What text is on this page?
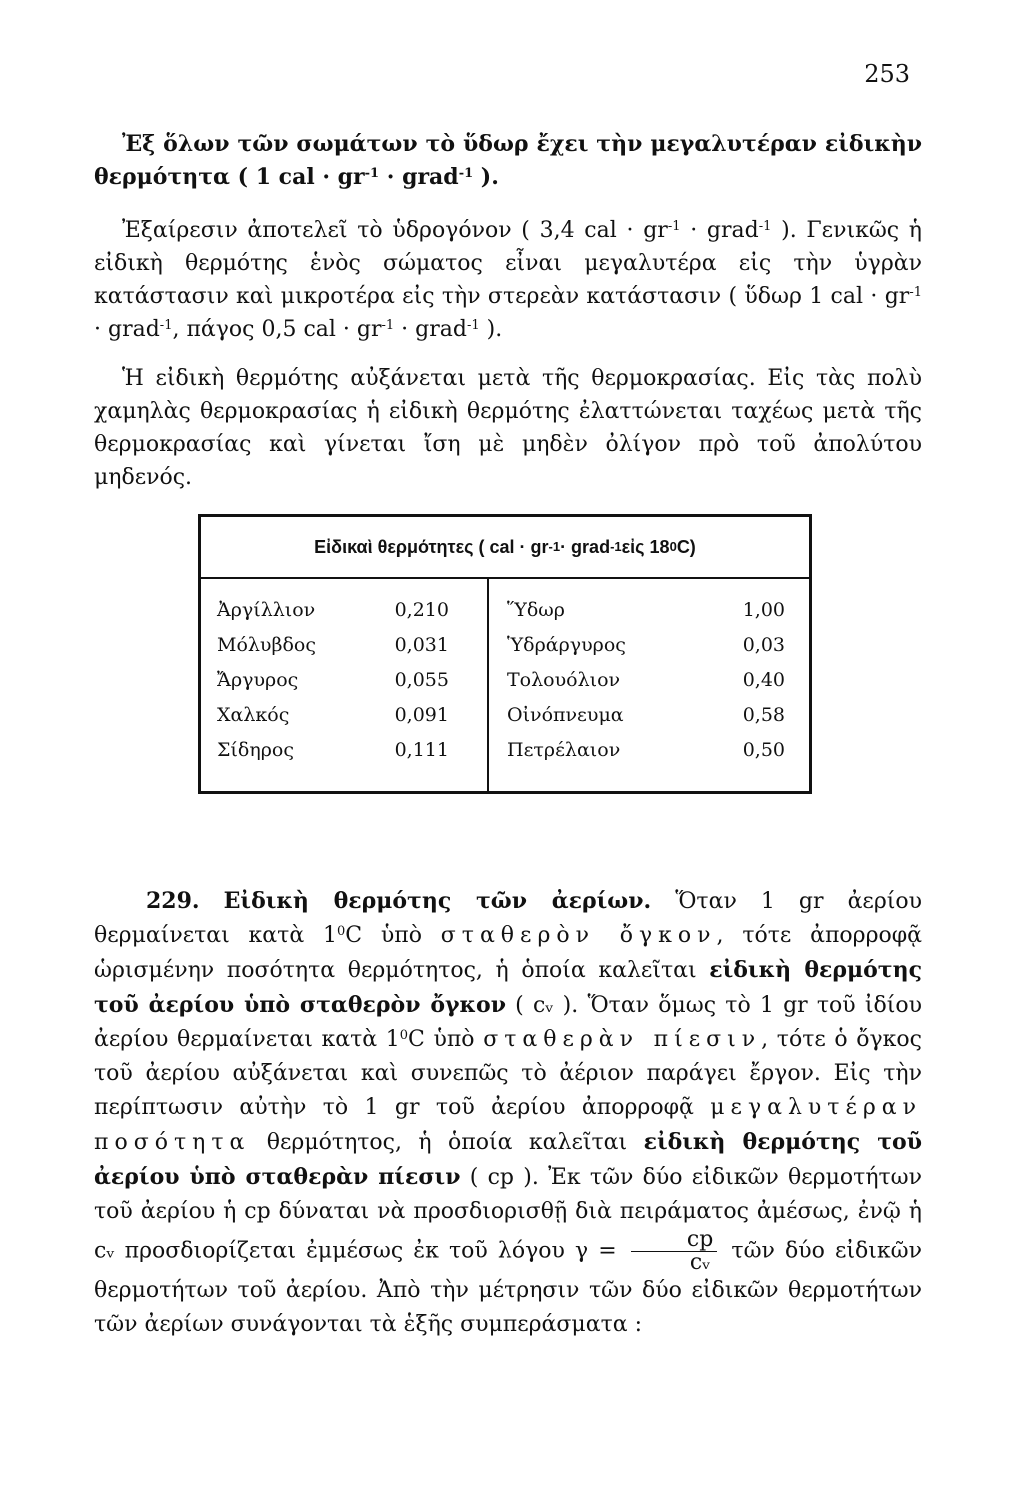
253
Ἐξ ὅλων τῶν σωμάτων τὸ ὕδωρ ἔχει τὴν μεγαλυτέραν εἰδικὴν θερμότητα ( 1 cal · $gr^{-1}$ · grad$^{-1}$ ).
Ἐξαίρεσιν ἀποτελεῖ τὸ ὑδρογόνον ( 3,4 cal · $gr^{-1}$ · grad$^{-1}$ ). Γενικῶς ἡ εἰδικὴ θερμότης ἑνὸς σώματος εἶναι μεγαλυτέρα εἰς τὴν ὑγρὰν κατάστασιν καὶ μικροτέρα εἰς τὴν στερεὰν κατάστασιν ( ὕδωρ 1 cal · $gr^{-1}$ · grad$^{-1}$, πάγος 0,5 cal · $gr^{-1}$ · grad$^{-1}$ ).
Ἡ εἰδικὴ θερμότης αὐξάνεται μετὰ τῆς θερμοκρασίας. Εἰς τὰς πολὺ χαμηλὰς θερμοκρασίας ἡ εἰδικὴ θερμότης ἐλαττώνεται ταχέως μετὰ τῆς θερμοκρασίας καὶ γίνεται ἴση μὲ μηδὲν ὀλίγον πρὸ τοῦ ἀπολύτου μηδενός.
Εἰδικαὶ θερμότητες ( cal · gr -1 · grad -1 εἰς 18 0 C)
Ἀργίλλιον	0,210
Μόλυβδος	0,031
Ἄργυρος	0,055
Χαλκός	0,091
Σίδηρος	0,111
Ὕδωρ	1,00
Ὑδράργυρος	0,03
Τολουόλιον	0,40
Οἰνόπνευμα	0,58
Πετρέλαιον	0,50
229. Εἰδικὴ θερμότης τῶν ἀερίων. Ὅταν 1 gr ἀερίου θερμαίνεται κατὰ $1^0C$ ὑπὸ σταθερὸν ὄγκον, τότε ἀπορροφᾷ ὡρισμένην ποσότητα θερμότητος, ἡ ὁποία καλεῖται εἰδικὴ θερμότης τοῦ ἀερίου ὑπὸ σταθερὸν ὄγκον ( cᵥ ). Ὅταν ὅμως τὸ 1 gr τοῦ ἰδίου ἀερίου θερμαίνεται κατὰ $1^0C$ ὑπὸ σταθερὰν πίεσιν, τότε ὁ ὄγκος τοῦ ἀερίου αὐξάνεται καὶ συνεπῶς τὸ ἀέριον παράγει ἔργον. Εἰς τὴν περίπτωσιν αὐτὴν τὸ 1 gr τοῦ ἀερίου ἀπορροφᾷ μεγαλυτέραν ποσότητα θερμότητος, ἡ ὁποία καλεῖται εἰδικὴ θερμότης τοῦ ἀερίου ὑπὸ σταθερὰν πίεσιν ( cp ). Ἐκ τῶν δύο εἰδικῶν θερμοτήτων τοῦ ἀερίου ἡ cp δύναται νὰ προσδιορισθῇ διὰ πειράματος ἀμέσως, ἐνῷ ἡ cᵥ προσδιορίζεται ἐμμέσως ἐκ τοῦ λόγου $\gamma = \frac{cp}{\text{cᵥ}}$ τῶν δύο εἰδικῶν θερμοτήτων τοῦ ἀερίου. Ἀπὸ τὴν μέτρησιν τῶν δύο εἰδικῶν θερμοτήτων τῶν ἀερίων συνάγονται τὰ ἑξῆς συμπεράσματα :
